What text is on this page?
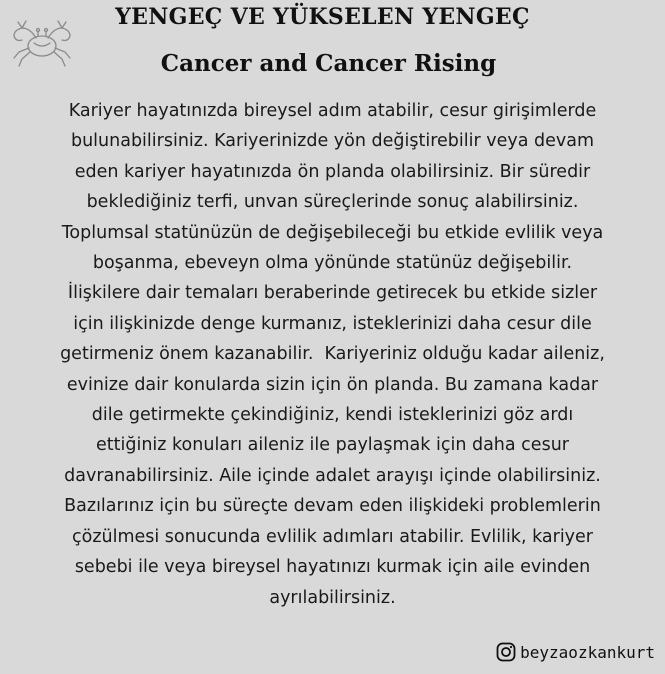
YENGEÇ VE YÜKSELEN YENGEÇ
Cancer and Cancer Rising
Kariyer hayatınızda bireysel adım atabilir, cesur girişimlerde
bulunabilirsiniz. Kariyerinizde yön değiştirebilir veya devam
eden kariyer hayatınızda ön planda olabilirsiniz. Bir süredir
beklediğiniz terfi, unvan süreçlerinde sonuç alabilirsiniz.
Toplumsal statünüzün de değişebileceği bu etkide evlilik veya
boşanma, ebeveyn olma yönünde statünüz değişebilir.
İlişkilere dair temaları beraberinde getirecek bu etkide sizler
için ilişkinizde denge kurmanız, isteklerinizi daha cesur dile
getirmeniz önem kazanabilir.  Kariyeriniz olduğu kadar aileniz,
evinize dair konularda sizin için ön planda. Bu zamana kadar
dile getirmekte çekindiğiniz, kendi isteklerinizi göz ardı
ettiğiniz konuları aileniz ile paylaşmak için daha cesur
davranabilirsiniz. Aile içinde adalet arayışı içinde olabilirsiniz.
Bazılarınız için bu süreçte devam eden ilişkideki problemlerin
çözülmesi sonucunda evlilik adımları atabilir. Evlilik, kariyer
sebebi ile veya bireysel hayatınızı kurmak için aile evinden
ayrılabilirsiniz.
beyzaozkankurt
